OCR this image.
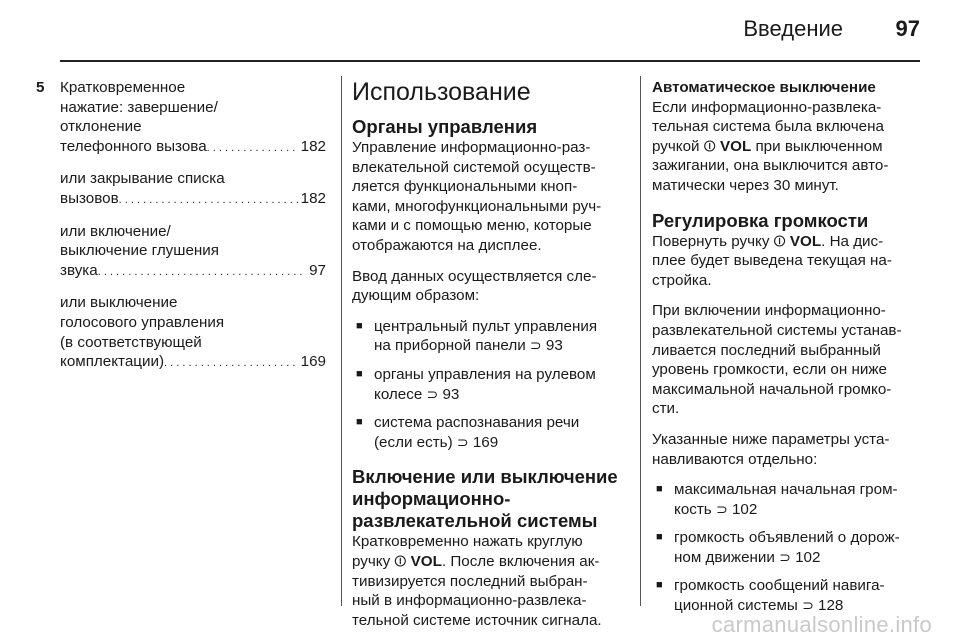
Введение 97
5 Кратковременное
нажатие: завершение/
отклонение
телефонного вызова . . .	182
или закрывание списка
вызовов . . .	182
или включение/
выключение глушения
звука . . .	97
или выключение
голосового управления
(в соответствующей
комплектации) . . .	169
Использование
Органы управления

Управление информационно-раз-
влекательной системой осуществ-
ляется функциональными кноп-
ками, многофункциональными руч-
ками и с помощью меню, которые
отображаются на дисплее.

Ввод данных осуществляется сле-
дующим образом:

■ центральный пульт управления
на приборной панели ⊃ 93
■ органы управления на рулевом
колесе ⊃ 93
■ система распознавания речи
(если есть) ⊃ 169
Включение или выключение
информационно-
развлекательной системы

Кратковременно нажать круглую
ручку ⏼ VOL. После включения ак-
тивизируется последний выбран-
ный в информационно-развлека-
тельной системе источник сигнала.

Автоматическое выключение

Если информационно-развлека-
тельная система была включена
ручкой ⏼ VOL при выключенном
зажигании, она выключится авто-
матически через 30 минут.

Регулировка громкости

Повернуть ручку ⏼ VOL. На дис-
плее будет выведена текущая на-
стройка.

При включении информационно-
развлекательной системы устанав-
ливается последний выбранный
уровень громкости, если он ниже
максимальной начальной громко-
сти.

Указанные ниже параметры уста-
навливаются отдельно:

■ максимальная начальная гром-
кость ⊃ 102
■ громкость объявлений о дорож-
ном движении ⊃ 102
■ громкость сообщений навига-
ционной системы ⊃ 128
carmanualsonline.info
